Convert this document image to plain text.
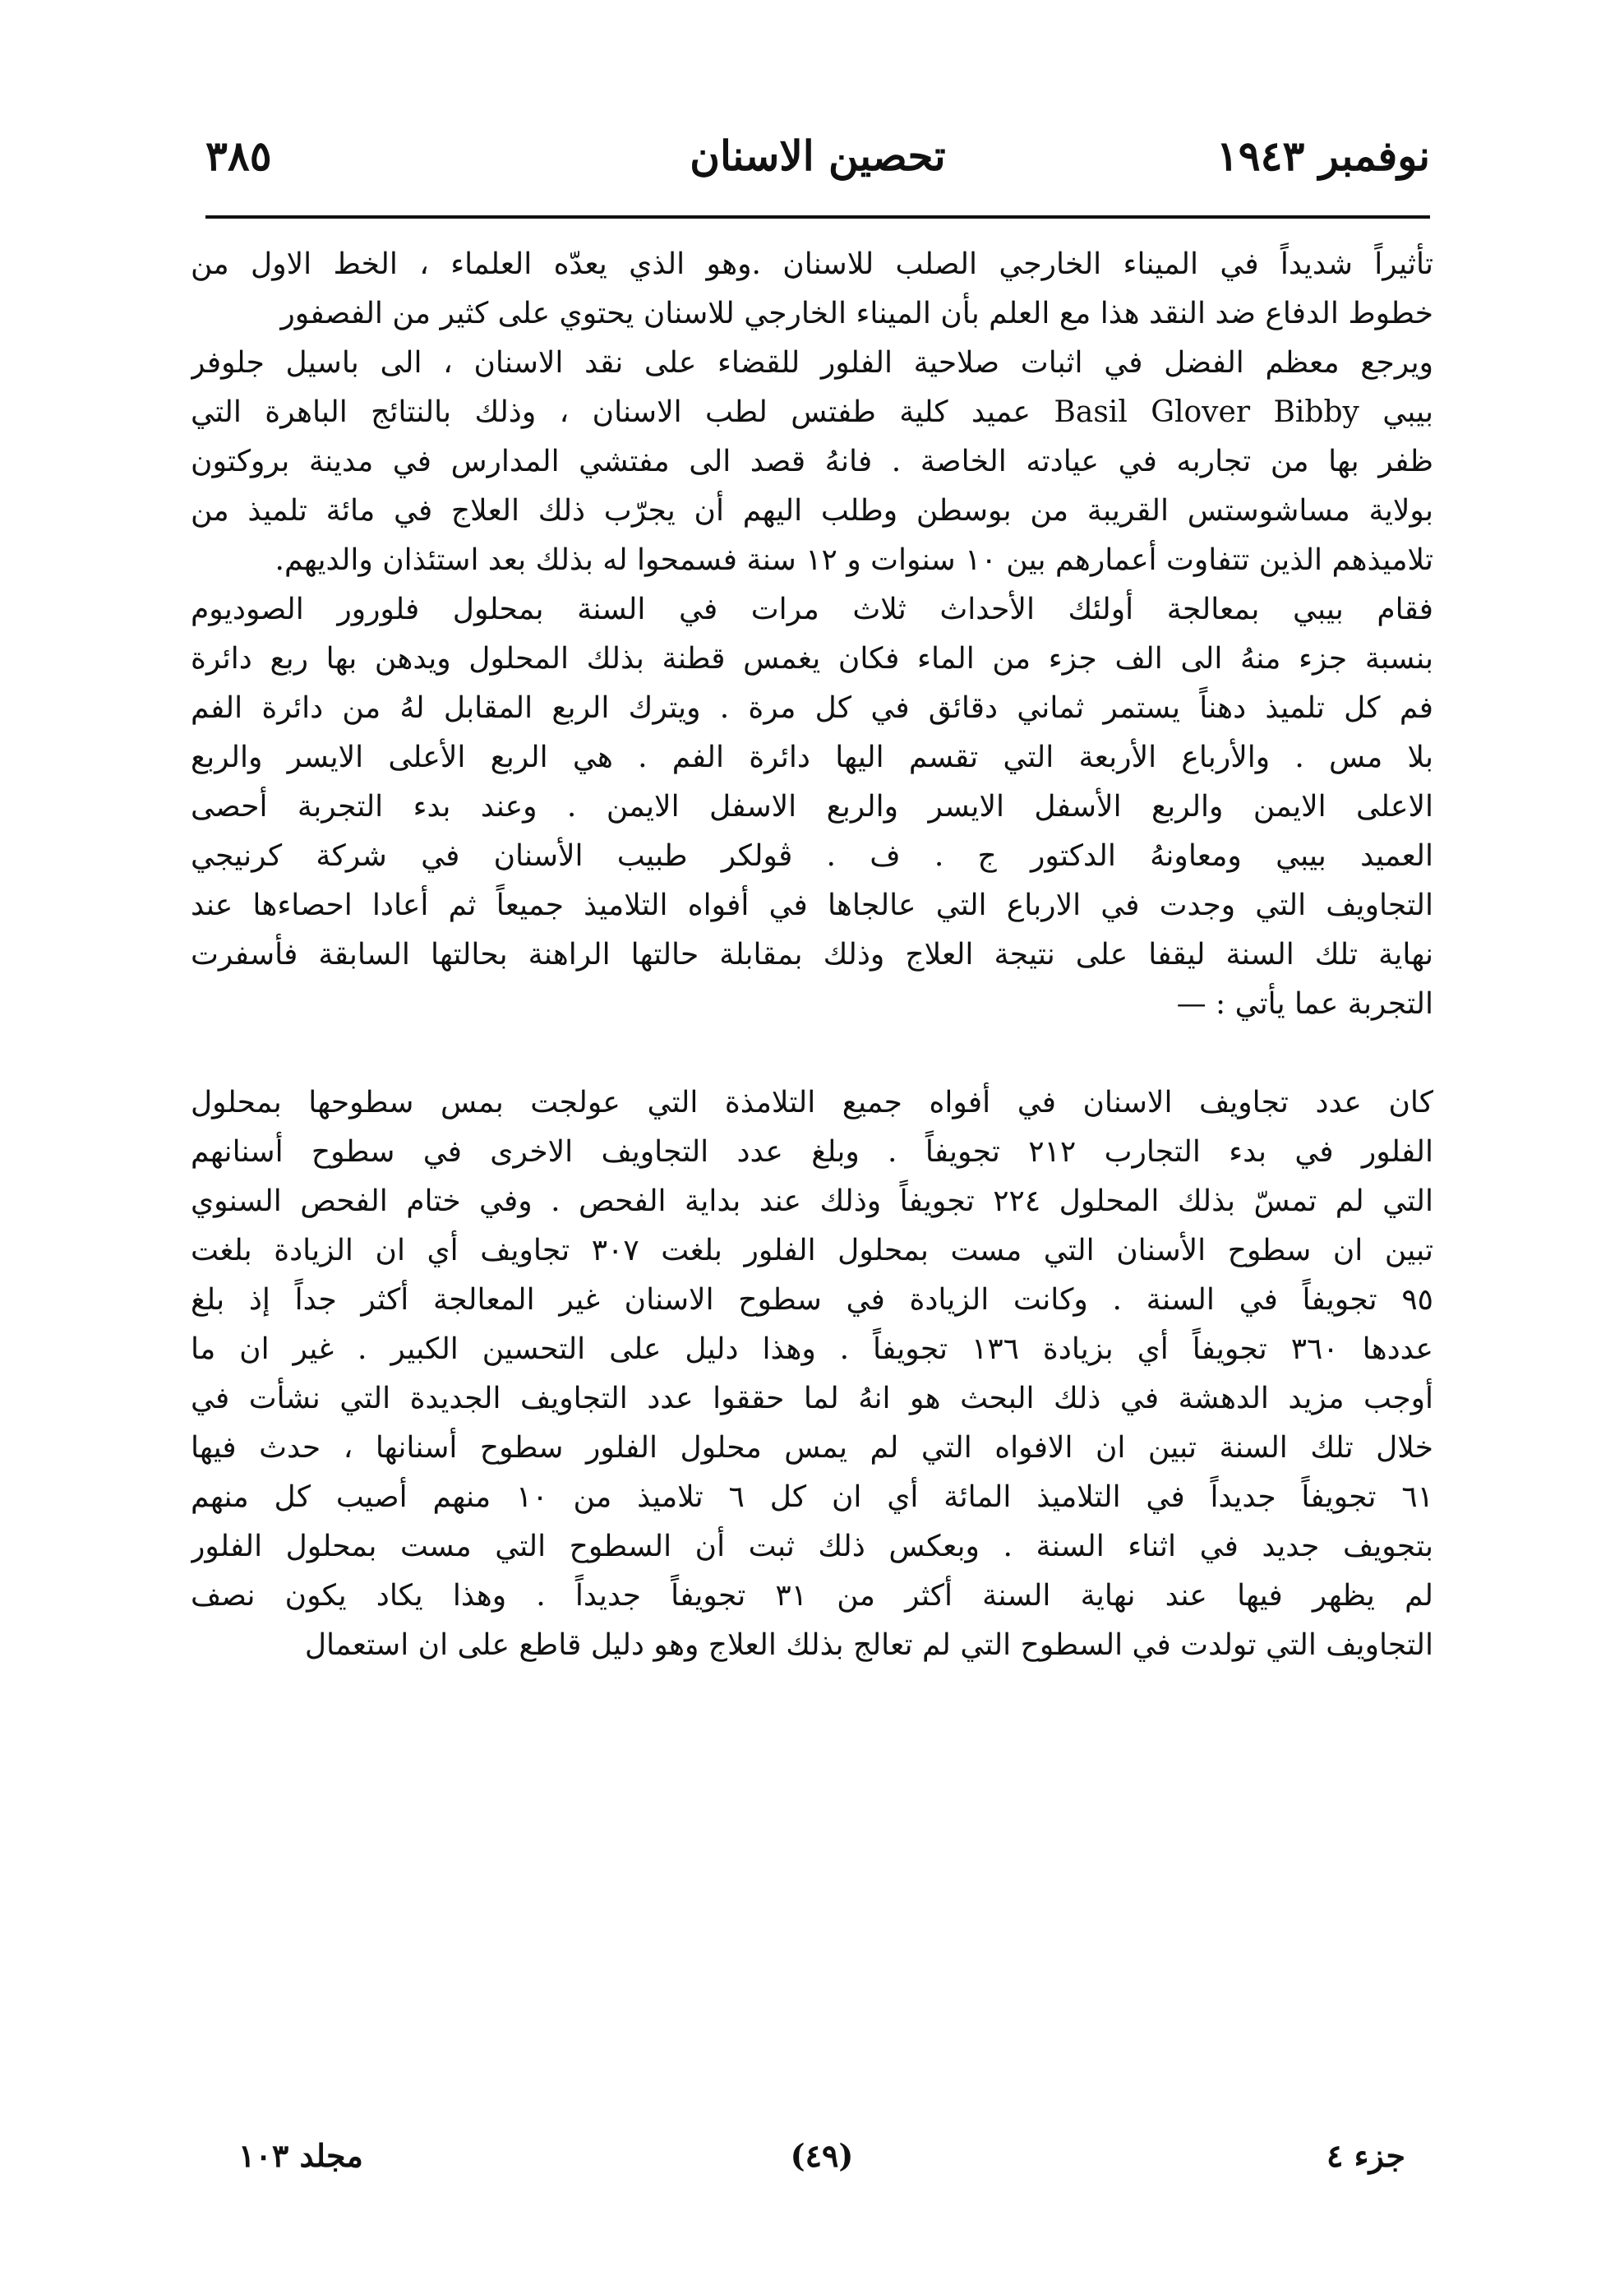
نوفمبر ١٩٤٣
تحصين الاسنان
٣٨٥
تأثيراً شديداً في الميناء الخارجي الصلب للاسنان .وهو الذي يعدّه العلماء ، الخط الاول من
خطوط الدفاع ضد النقد هذا مع العلم بأن الميناء الخارجي للاسنان يحتوي على كثير من الفصفور
ويرجع معظم الفضل في اثبات صلاحية الفلور للقضاء على نقد الاسنان ، الى باسيل جلوفر
بيبي Basil Glover Bibby عميد كلية طفتس لطب الاسنان ، وذلك بالنتائج الباهرة التي
ظفر بها من تجاربه في عيادته الخاصة . فانهُ قصد الى مفتشي المدارس في مدينة بروكتون
بولاية مساشوستس القريبة من بوسطن وطلب اليهم أن يجرّب ذلك العلاج في مائة تلميذ من
تلاميذهم الذين تتفاوت أعمارهم بين ١٠ سنوات و ١٢ سنة فسمحوا له بذلك بعد استئذان والديهم.
فقام بيبي بمعالجة أولئك الأحداث ثلاث مرات في السنة بمحلول فلورور الصوديوم
بنسبة جزء منهُ الى الف جزء من الماء فكان يغمس قطنة بذلك المحلول ويدهن بها ربع دائرة
فم كل تلميذ دهناً يستمر ثماني دقائق في كل مرة . ويترك الربع المقابل لهُ من دائرة الفم
بلا مس . والأرباع الأربعة التي تقسم اليها دائرة الفم . هي الربع الأعلى الايسر والربع
الاعلى الايمن والربع الأسفل الايسر والربع الاسفل الايمن . وعند بدء التجربة أحصى
العميد بيبي ومعاونهُ الدكتور ج . ف . ڤولكر طبيب الأسنان في شركة كرنيجي
التجاويف التي وجدت في الارباع التي عالجاها في أفواه التلاميذ جميعاً ثم أعادا احصاءها عند
نهاية تلك السنة ليقفا على نتيجة العلاج وذلك بمقابلة حالتها الراهنة بحالتها السابقة فأسفرت
التجربة عما يأتي : —
كان عدد تجاويف الاسنان في أفواه جميع التلامذة التي عولجت بمس سطوحها بمحلول
الفلور في بدء التجارب ٢١٢ تجويفاً . وبلغ عدد التجاويف الاخرى في سطوح أسنانهم
التي لم تمسّ بذلك المحلول ٢٢٤ تجويفاً وذلك عند بداية الفحص . وفي ختام الفحص السنوي
تبين ان سطوح الأسنان التي مست بمحلول الفلور بلغت ٣٠٧ تجاويف أي ان الزيادة بلغت
٩٥ تجويفاً في السنة . وكانت الزيادة في سطوح الاسنان غير المعالجة أكثر جداً إذ بلغ
عددها ٣٦٠ تجويفاً أي بزيادة ١٣٦ تجويفاً . وهذا دليل على التحسين الكبير . غير ان ما
أوجب مزيد الدهشة في ذلك البحث هو انهُ لما حققوا عدد التجاويف الجديدة التي نشأت في
خلال تلك السنة تبين ان الافواه التي لم يمس محلول الفلور سطوح أسنانها ، حدث فيها
٦١ تجويفاً جديداً في التلاميذ المائة أي ان كل ٦ تلاميذ من ١٠ منهم أصيب كل منهم
بتجويف جديد في اثناء السنة . وبعكس ذلك ثبت أن السطوح التي مست بمحلول الفلور
لم يظهر فيها عند نهاية السنة أكثر من ٣١ تجويفاً جديداً . وهذا يكاد يكون نصف
التجاويف التي تولدت في السطوح التي لم تعالج بذلك العلاج وهو دليل قاطع على ان استعمال
جزء ٤
(٤٩)
مجلد ١٠٣
